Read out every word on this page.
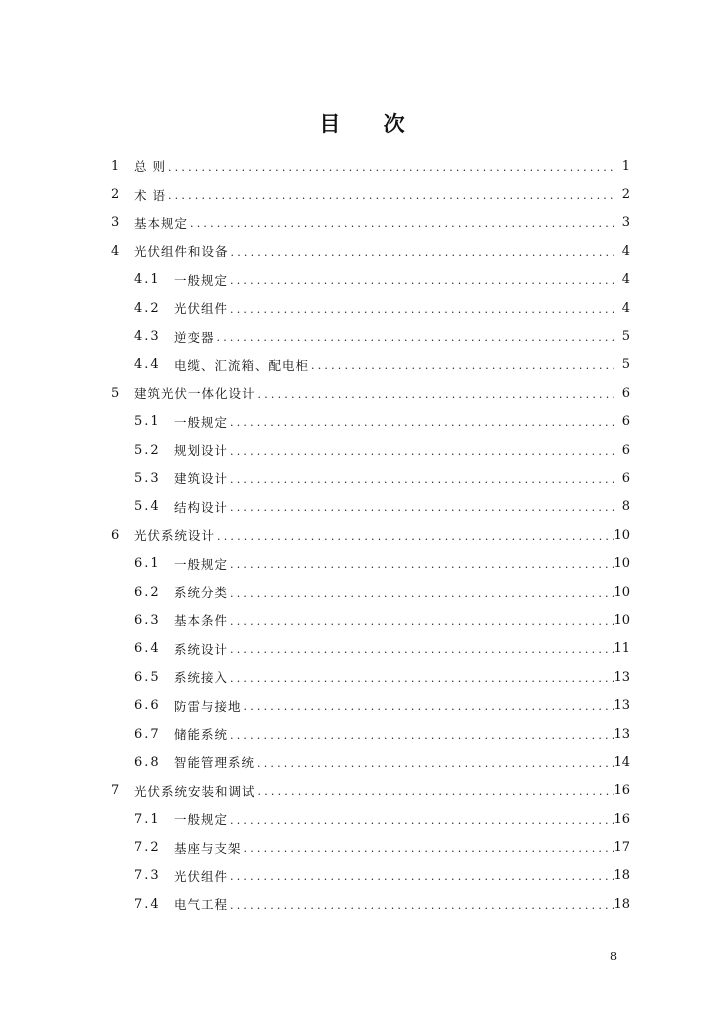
目 次
1 总 则 .....	1
2 术 语 .....	2
3 基本规定 .....	3
4 光伏组件和设备 .....	4
4.1 一般规定 .....	4
4.2 光伏组件 .....	4
4.3 逆变器 .....	5
4.4 电缆、汇流箱、配电柜 .....	5
5 建筑光伏一体化设计 .....	6
5.1 一般规定 .....	6
5.2 规划设计 .....	6
5.3 建筑设计 .....	6
5.4 结构设计 .....	8
6 光伏系统设计 .....	10
6.1 一般规定 .....	10
6.2 系统分类 .....	10
6.3 基本条件 .....	10
6.4 系统设计 .....	11
6.5 系统接入 .....	13
6.6 防雷与接地 .....	13
6.7 储能系统 .....	13
6.8 智能管理系统 .....	14
7 光伏系统安装和调试 .....	16
7.1 一般规定 .....	16
7.2 基座与支架 .....	17
7.3 光伏组件 .....	18
7.4 电气工程 .....	18
8
